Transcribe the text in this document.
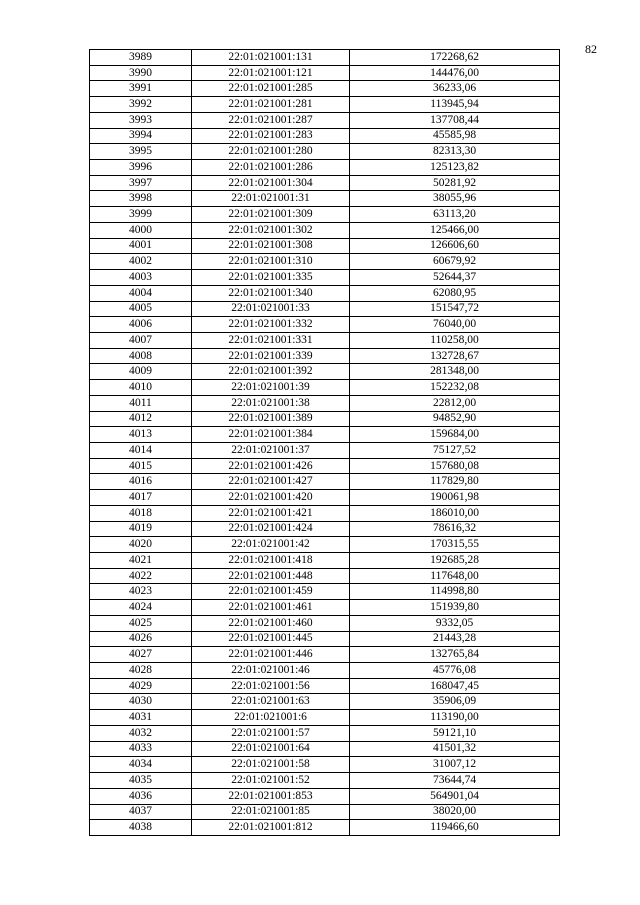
82
3989	22:01:021001:131	172268,62
3990	22:01:021001:121	144476,00
3991	22:01:021001:285	36233,06
3992	22:01:021001:281	113945,94
3993	22:01:021001:287	137708,44
3994	22:01:021001:283	45585,98
3995	22:01:021001:280	82313,30
3996	22:01:021001:286	125123,82
3997	22:01:021001:304	50281,92
3998	22:01:021001:31	38055,96
3999	22:01:021001:309	63113,20
4000	22:01:021001:302	125466,00
4001	22:01:021001:308	126606,60
4002	22:01:021001:310	60679,92
4003	22:01:021001:335	52644,37
4004	22:01:021001:340	62080,95
4005	22:01:021001:33	151547,72
4006	22:01:021001:332	76040,00
4007	22:01:021001:331	110258,00
4008	22:01:021001:339	132728,67
4009	22:01:021001:392	281348,00
4010	22:01:021001:39	152232,08
4011	22:01:021001:38	22812,00
4012	22:01:021001:389	94852,90
4013	22:01:021001:384	159684,00
4014	22:01:021001:37	75127,52
4015	22:01:021001:426	157680,08
4016	22:01:021001:427	117829,80
4017	22:01:021001:420	190061,98
4018	22:01:021001:421	186010,00
4019	22:01:021001:424	78616,32
4020	22:01:021001:42	170315,55
4021	22:01:021001:418	192685,28
4022	22:01:021001:448	117648,00
4023	22:01:021001:459	114998,80
4024	22:01:021001:461	151939,80
4025	22:01:021001:460	9332,05
4026	22:01:021001:445	21443,28
4027	22:01:021001:446	132765,84
4028	22:01:021001:46	45776,08
4029	22:01:021001:56	168047,45
4030	22:01:021001:63	35906,09
4031	22:01:021001:6	113190,00
4032	22:01:021001:57	59121,10
4033	22:01:021001:64	41501,32
4034	22:01:021001:58	31007,12
4035	22:01:021001:52	73644,74
4036	22:01:021001:853	564901,04
4037	22:01:021001:85	38020,00
4038	22:01:021001:812	119466,60
